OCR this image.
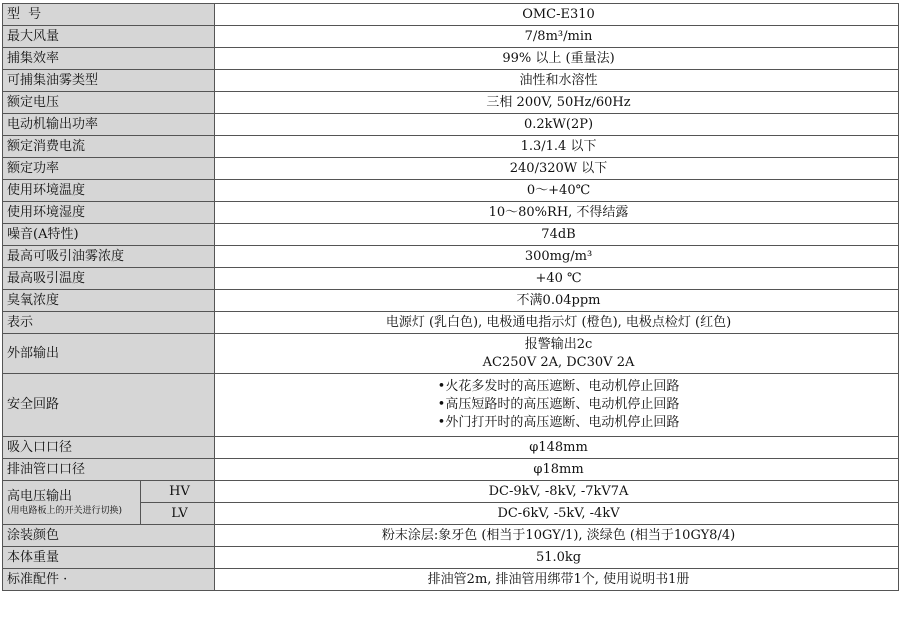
型 号		OMC-E310
最大风量		7/8m³/min
捕集效率		99% 以上 (重量法)
可捕集油雾类型		油性和水溶性
额定电压		三相 200V, 50Hz/60Hz
电动机输出功率		0.2kW(2P)
额定消费电流		1.3/1.4 以下
额定功率		240/320W 以下
使用环境温度		0～+40℃
使用环境湿度		10～80%RH, 不得结露
噪音(A特性)		74dB
最高可吸引油雾浓度		300mg/m³
最高吸引温度		+40 ℃
臭氧浓度		不满0.04ppm
表示		电源灯 (乳白色), 电极通电指示灯 (橙色), 电极点检灯 (红色)
外部输出		报警输出2c
AC250V 2A, DC30V 2A

安全回路		•火花多发时的高压遮断、电动机停止回路
•高压短路时的高压遮断、电动机停止回路
•外门打开时的高压遮断、电动机停止回路

吸入口口径		φ148mm
排油管口口径		φ18mm

高电压输出
(用电路板上的开关进行切换)	HV	DC-9kV, -8kV, -7kV7A
	LV	DC-6kV, -5kV, -4kV
涂装颜色		粉末涂层:象牙色 (相当于10GY/1), 淡绿色 (相当于10GY8/4)
本体重量		51.0kg
标准配件 ·		排油管2m, 排油管用绑带1个, 使用说明书1册
